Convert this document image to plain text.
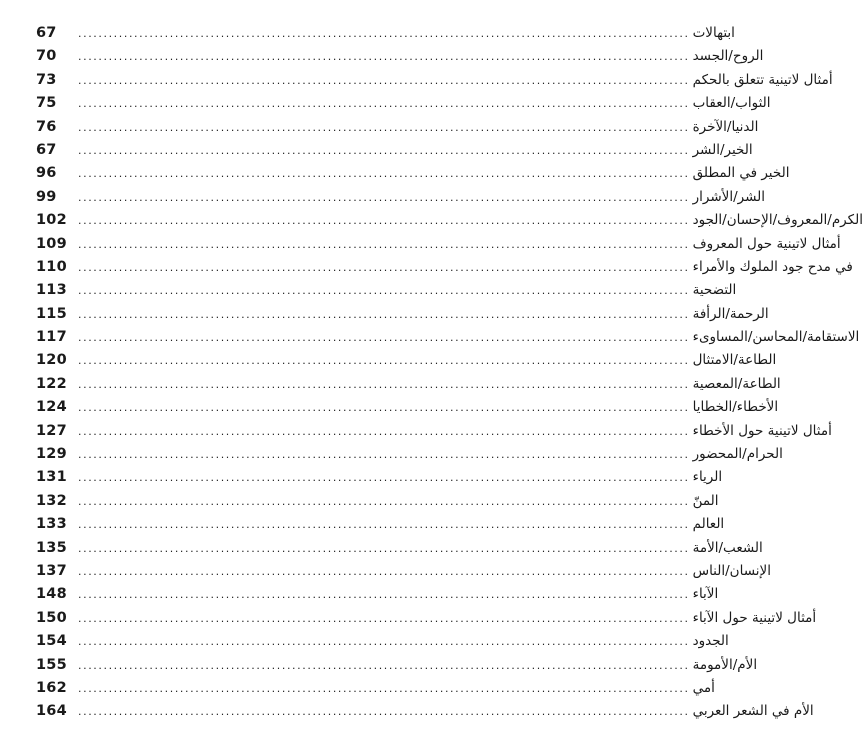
67	........................................................................................................................ ابتهالات
70	........................................................................................................................ الروح/الجسد
73	........................................................................................................................ أمثال لاتينية تتعلق بالحكم
75	........................................................................................................................ الثواب/العقاب
76	........................................................................................................................ الدنيا/الآخرة
67	........................................................................................................................ الخير/الشر
96	........................................................................................................................ الخير في المطلق
99	........................................................................................................................ الشر/الأشرار
102	........................................................................................................................ الكرم/المعروف/الإحسان/الجود
109	........................................................................................................................ أمثال لاتينية حول المعروف
110	........................................................................................................................ في مدح جود الملوك والأمراء
113	........................................................................................................................ التضحية
115	........................................................................................................................ الرحمة/الرأفة
117	........................................................................................................................ الاستقامة/المحاسن/المساوىء
120	........................................................................................................................ الطاعة/الامتثال
122	........................................................................................................................ الطاعة/المعصية
124	........................................................................................................................ الأخطاء/الخطايا
127	........................................................................................................................ أمثال لاتينية حول الأخطاء
129	........................................................................................................................ الحرام/المحضور
131	........................................................................................................................ الرياء
132	........................................................................................................................ المنّ
133	........................................................................................................................ العالم
135	........................................................................................................................ الشعب/الأمة
137	........................................................................................................................ الإنسان/الناس
148	........................................................................................................................ الآباء
150	........................................................................................................................ أمثال لاتينية حول الآباء
154	........................................................................................................................ الجدود
155	........................................................................................................................ الأم/الأمومة
162	........................................................................................................................ أمي
164	........................................................................................................................ الأم في الشعر العربي
